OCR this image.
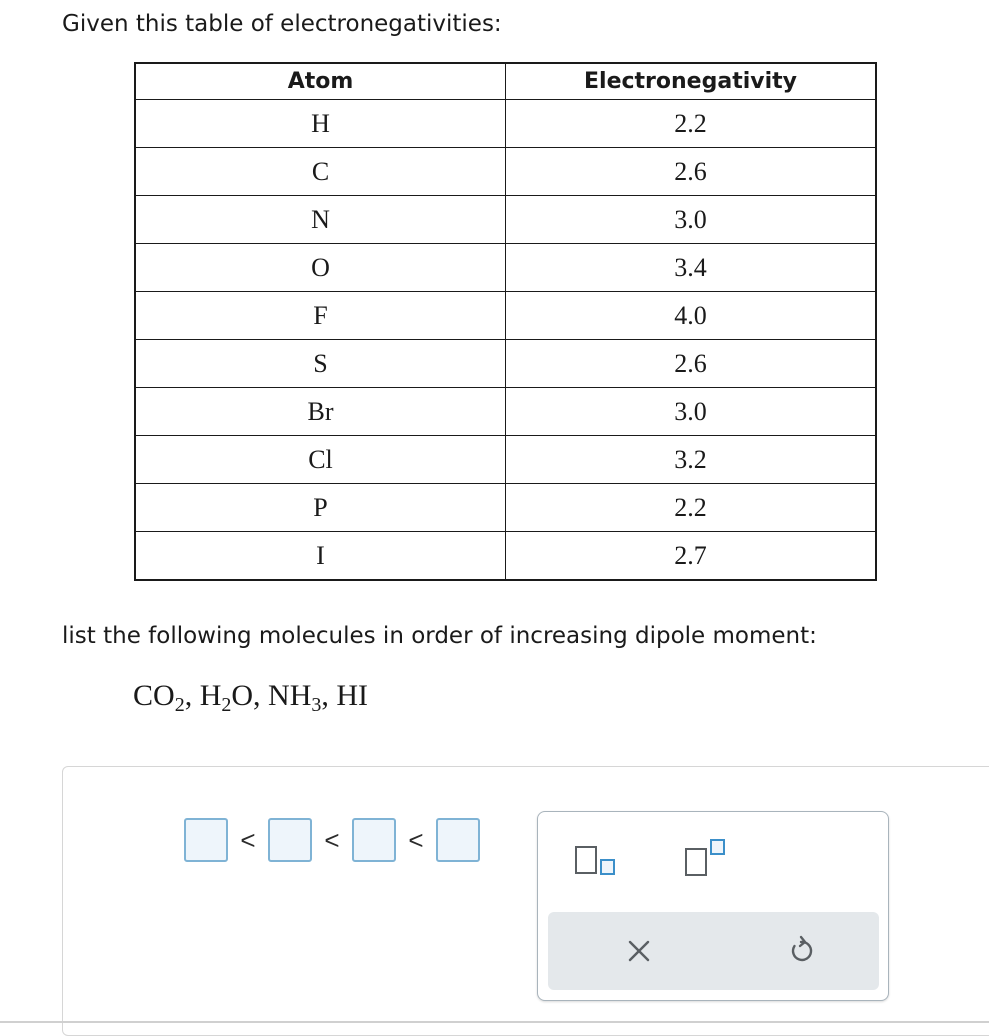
Given this table of electronegativities:

Atom	Electronegativity
H	2.2
C	2.6
N	3.0
O	3.4
F	4.0
S	2.6
Br	3.0
Cl	3.2
P	2.2
I	2.7

list the following molecules in order of increasing dipole moment:

$CO_2$, $H_2O$, $NH_3$, HI
<	<	<
